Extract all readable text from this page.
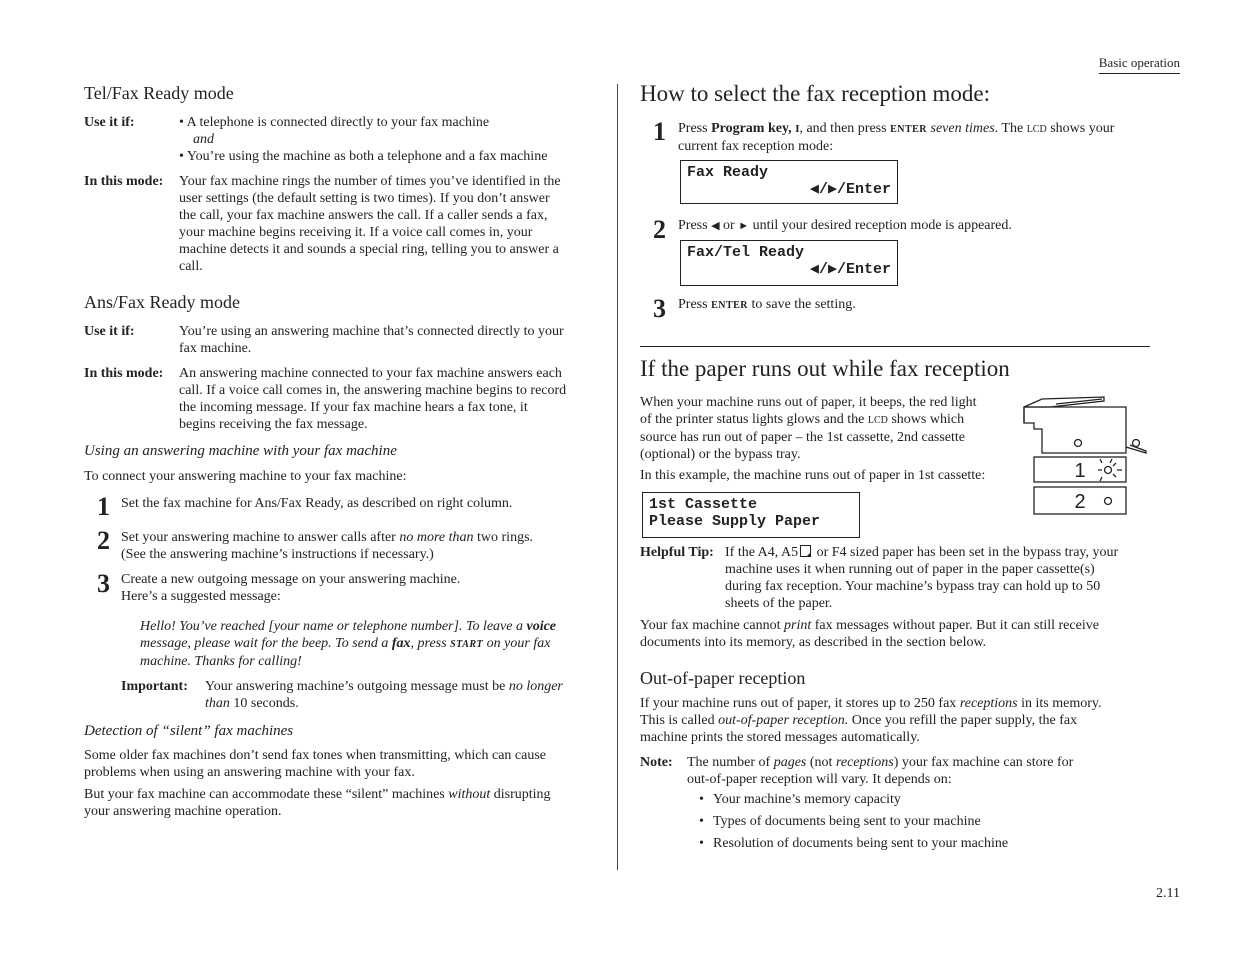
Basic operation
2.11
Tel/Fax Ready mode
Use it if:	• A telephone is connected directly to your fax machine
and
• You’re using the machine as both a telephone and a fax machine
In this mode: Your fax machine rings the number of times you’ve identified in the
user settings (the default setting is two times). If you don’t answer
the call, your fax machine answers the call. If a caller sends a fax,
your machine begins receiving it. If a voice call comes in, your
machine detects it and sounds a special ring, telling you to answer a
call.
Ans/Fax Ready mode
Use it if:	You’re using an answering machine that’s connected directly to your
fax machine.
In this mode: An answering machine connected to your fax machine answers each
call. If a voice call comes in, the answering machine begins to record
the incoming message. If your fax machine hears a fax tone, it
begins receiving the fax message.
Using an answering machine with your fax machine
To connect your answering machine to your fax machine:
1 Set the fax machine for Ans/Fax Ready, as described on right column.
2 Set your answering machine to answer calls after no more than two rings.
(See the answering machine’s instructions if necessary.)
3 Create a new outgoing message on your answering machine.
Here’s a suggested message:
Hello! You’ve reached [your name or telephone number]. To leave a voice
message, please wait for the beep. To send a fax, press START on your fax
machine. Thanks for calling!
Important: Your answering machine’s outgoing message must be no longer
than 10 seconds.
Detection of “silent” fax machines
Some older fax machines don’t send fax tones when transmitting, which can cause
problems when using an answering machine with your fax.
But your fax machine can accommodate these “silent” machines without disrupting
your answering machine operation.
How to select the fax reception mode:
1 Press Program key, I, and then press ENTER seven times. The LCD shows your
current fax reception mode:
Fax Ready
◀/▶/Enter
2 Press ◀ or ► until your desired reception mode is appeared.
Fax/Tel Ready
◀/▶/Enter
3 Press ENTER to save the setting.
If the paper runs out while fax reception
When your machine runs out of paper, it beeps, the red light
of the printer status lights glows and the LCD shows which
source has run out of paper – the 1st cassette, 2nd cassette
(optional) or the bypass tray.
In this example, the machine runs out of paper in 1st cassette:
1st Cassette
Please Supply Paper
1
2
Helpful Tip: If the A4, A5
or F4 sized paper has been set in the bypass tray, your
machine uses it when running out of paper in the paper cassette(s)
during fax reception. Your machine’s bypass tray can hold up to 50
sheets of the paper.
Your fax machine cannot print fax messages without paper. But it can still receive
documents into its memory, as described in the section below.
Out-of-paper reception
If your machine runs out of paper, it stores up to 250 fax receptions in its memory.
This is called out-of-paper reception. Once you refill the paper supply, the fax
machine prints the stored messages automatically.
Note: The number of pages (not receptions) your fax machine can store for
out-of-paper reception will vary. It depends on:
• Your machine’s memory capacity
• Types of documents being sent to your machine
• Resolution of documents being sent to your machine
